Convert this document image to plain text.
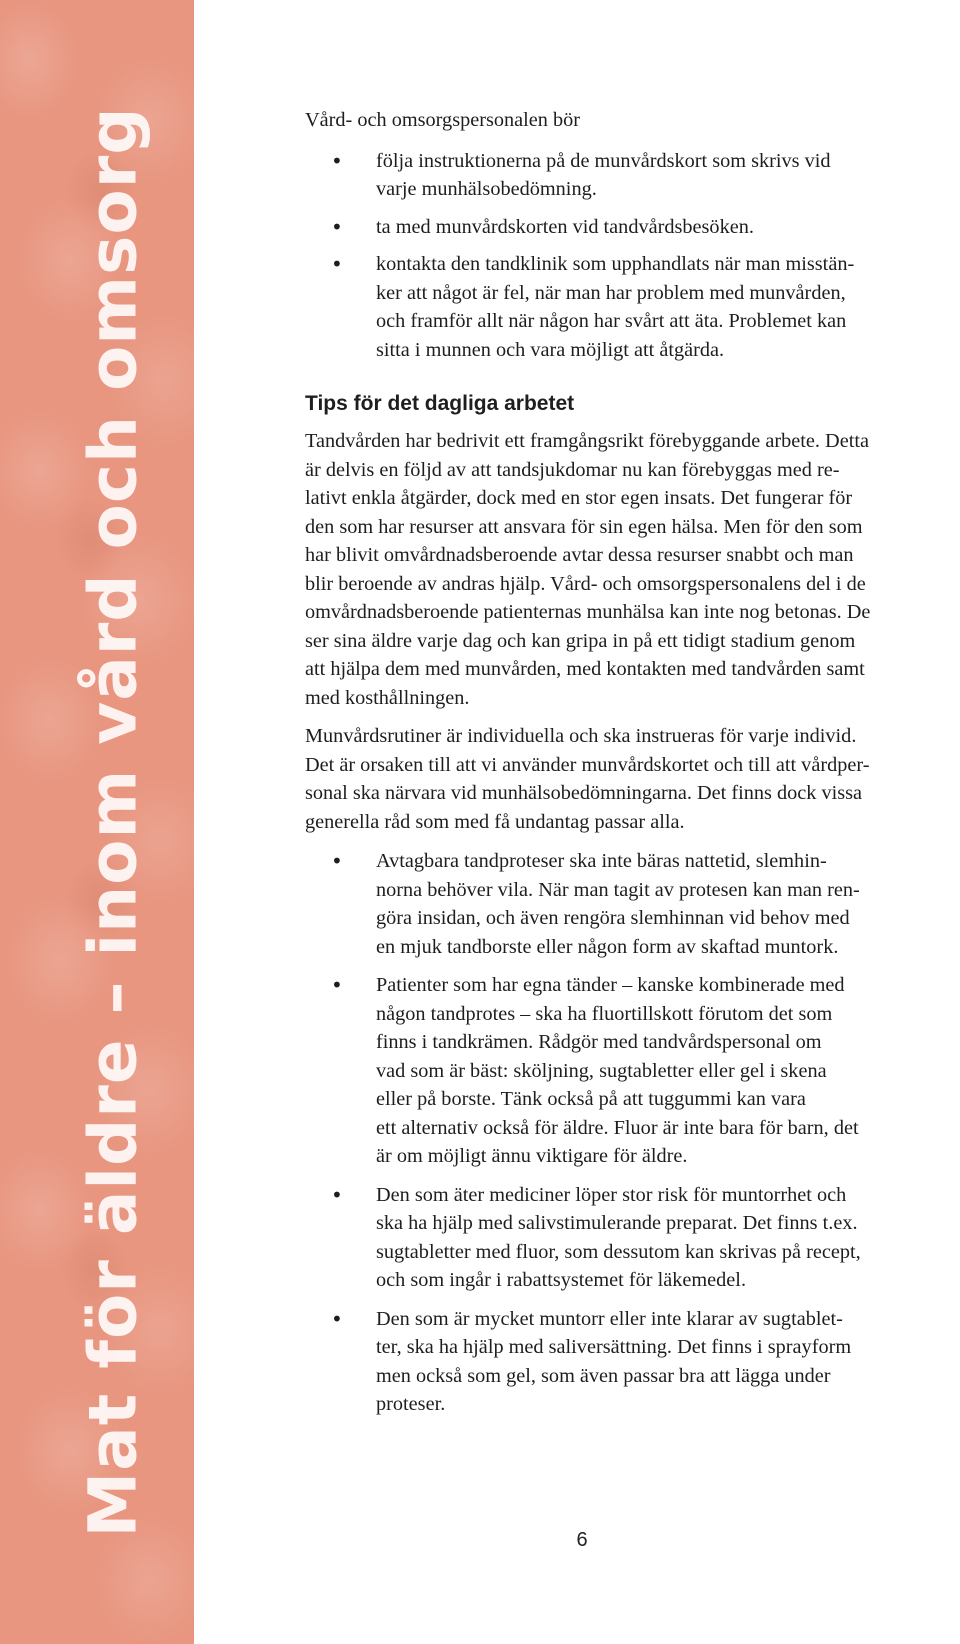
Mat för äldre – inom vård och omsorg	Vård- och omsorgspersonalen bör

• följa instruktionerna på de munvårdskort som skrivs vid
varje munhälsobedömning.
• ta med munvårdskorten vid tandvårdsbesöken.
• kontakta den tandklinik som upphandlats när man misstän-
ker att något är fel, när man har problem med munvården,
och framför allt när någon har svårt att äta. Problemet kan
sitta i munnen och vara möjligt att åtgärda.
Tips för det dagliga arbetet

Tandvården har bedrivit ett framgångsrikt förebyggande arbete. Detta
är delvis en följd av att tandsjukdomar nu kan förebyggas med re-
lativt enkla åtgärder, dock med en stor egen insats. Det fungerar för
den som har resurser att ansvara för sin egen hälsa. Men för den som
har blivit omvårdnadsberoende avtar dessa resurser snabbt och man
blir beroende av andras hjälp. Vård- och omsorgspersonalens del i de
omvårdnadsberoende patienternas munhälsa kan inte nog betonas. De
ser sina äldre varje dag och kan gripa in på ett tidigt stadium genom
att hjälpa dem med munvården, med kontakten med tandvården samt
med kosthållningen.

Munvårdsrutiner är individuella och ska instrueras för varje individ.
Det är orsaken till att vi använder munvårdskortet och till att vårdper-
sonal ska närvara vid munhälsobedömningarna. Det finns dock vissa
generella råd som med få undantag passar alla.

• Avtagbara tandproteser ska inte bäras nattetid, slemhin-
norna behöver vila. När man tagit av protesen kan man ren-
göra insidan, och även rengöra slemhinnan vid behov med
en mjuk tandborste eller någon form av skaftad muntork.
• Patienter som har egna tänder – kanske kombinerade med
någon tandprotes – ska ha fluortillskott förutom det som
finns i tandkrämen. Rådgör med tandvårdspersonal om
vad som är bäst: sköljning, sugtabletter eller gel i skena
eller på borste. Tänk också på att tuggummi kan vara
ett alternativ också för äldre. Fluor är inte bara för barn, det
är om möjligt ännu viktigare för äldre.
• Den som äter mediciner löper stor risk för muntorrhet och
ska ha hjälp med salivstimulerande preparat. Det finns t.ex.
sugtabletter med fluor, som dessutom kan skrivas på recept,
och som ingår i rabattsystemet för läkemedel.
• Den som är mycket muntorr eller inte klarar av sugtablet-
ter, ska ha hjälp med saliversättning. Det finns i sprayform
men också som gel, som även passar bra att lägga under
proteser.
6
